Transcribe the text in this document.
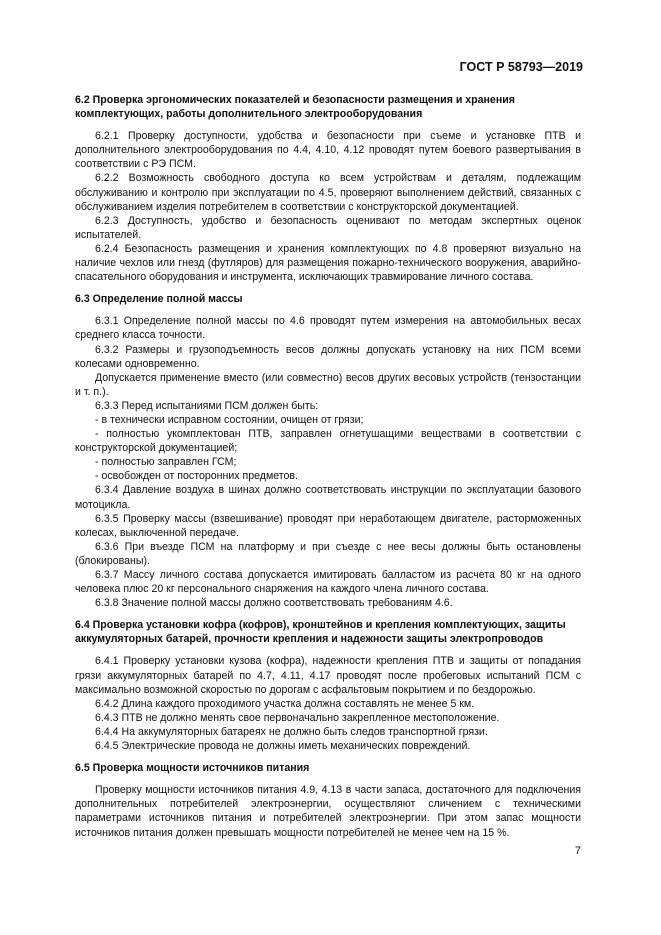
ГОСТ Р 58793—2019

6.2 Проверка эргономических показателей и безопасности размещения и хранения комплектующих, работы дополнительного электрооборудования

6.2.1 Проверку доступности, удобства и безопасности при съеме и установке ПТВ и дополнительного электрооборудования по 4.4, 4.10, 4.12 проводят путем боевого развертывания в соответствии с РЭ ПСМ.

6.2.2 Возможность свободного доступа ко всем устройствам и деталям, подлежащим обслуживанию и контролю при эксплуатации по 4.5, проверяют выполнением действий, связанных с обслуживанием изделия потребителем в соответствии с конструкторской документацией.

6.2.3 Доступность, удобство и безопасность оценивают по методам экспертных оценок испытателей.

6.2.4 Безопасность размещения и хранения комплектующих по 4.8 проверяют визуально на наличие чехлов или гнезд (футляров) для размещения пожарно-технического вооружения, аварийно-спасательного оборудования и инструмента, исключающих травмирование личного состава.

6.3 Определение полной массы

6.3.1 Определение полной массы по 4.6 проводят путем измерения на автомобильных весах среднего класса точности.

6.3.2 Размеры и грузоподъемность весов должны допускать установку на них ПСМ всеми колесами одновременно.

Допускается применение вместо (или совместно) весов других весовых устройств (тензостанции и т. п.).

6.3.3 Перед испытаниями ПСМ должен быть:

- в технически исправном состоянии, очищен от грязи;

- полностью укомплектован ПТВ, заправлен огнетушащими веществами в соответствии с конструкторской документацией;

- полностью заправлен ГСМ;

- освобожден от посторонних предметов.

6.3.4 Давление воздуха в шинах должно соответствовать инструкции по эксплуатации базового мотоцикла.

6.3.5 Проверку массы (взвешивание) проводят при неработающем двигателе, расторможенных колесах, выключенной передаче.

6.3.6 При въезде ПСМ на платформу и при съезде с нее весы должны быть остановлены (блокированы).

6.3.7 Массу личного состава допускается имитировать балластом из расчета 80 кг на одного человека плюс 20 кг персонального снаряжения на каждого члена личного состава.

6.3.8 Значение полной массы должно соответствовать требованиям 4.6.

6.4 Проверка установки кофра (кофров), кронштейнов и крепления комплектующих, защиты аккумуляторных батарей, прочности крепления и надежности защиты электропроводов

6.4.1 Проверку установки кузова (кофра), надежности крепления ПТВ и защиты от попадания грязи аккумуляторных батарей по 4.7, 4.11, 4.17 проводят после пробеговых испытаний ПСМ с максимально возможной скоростью по дорогам с асфальтовым покрытием и по бездорожью.

6.4.2 Длина каждого проходимого участка должна составлять не менее 5 км.

6.4.3 ПТВ не должно менять свое первоначально закрепленное местоположение.

6.4.4 На аккумуляторных батареях не должно быть следов транспортной грязи.

6.4.5 Электрические провода не должны иметь механических повреждений.

6.5 Проверка мощности источников питания

Проверку мощности источников питания 4.9, 4.13 в части запаса, достаточного для подключения дополнительных потребителей электроэнергии, осуществляют сличением с техническими параметрами источников питания и потребителей электроэнергии. При этом запас мощности источников питания должен превышать мощности потребителей не менее чем на 15 %.

7
